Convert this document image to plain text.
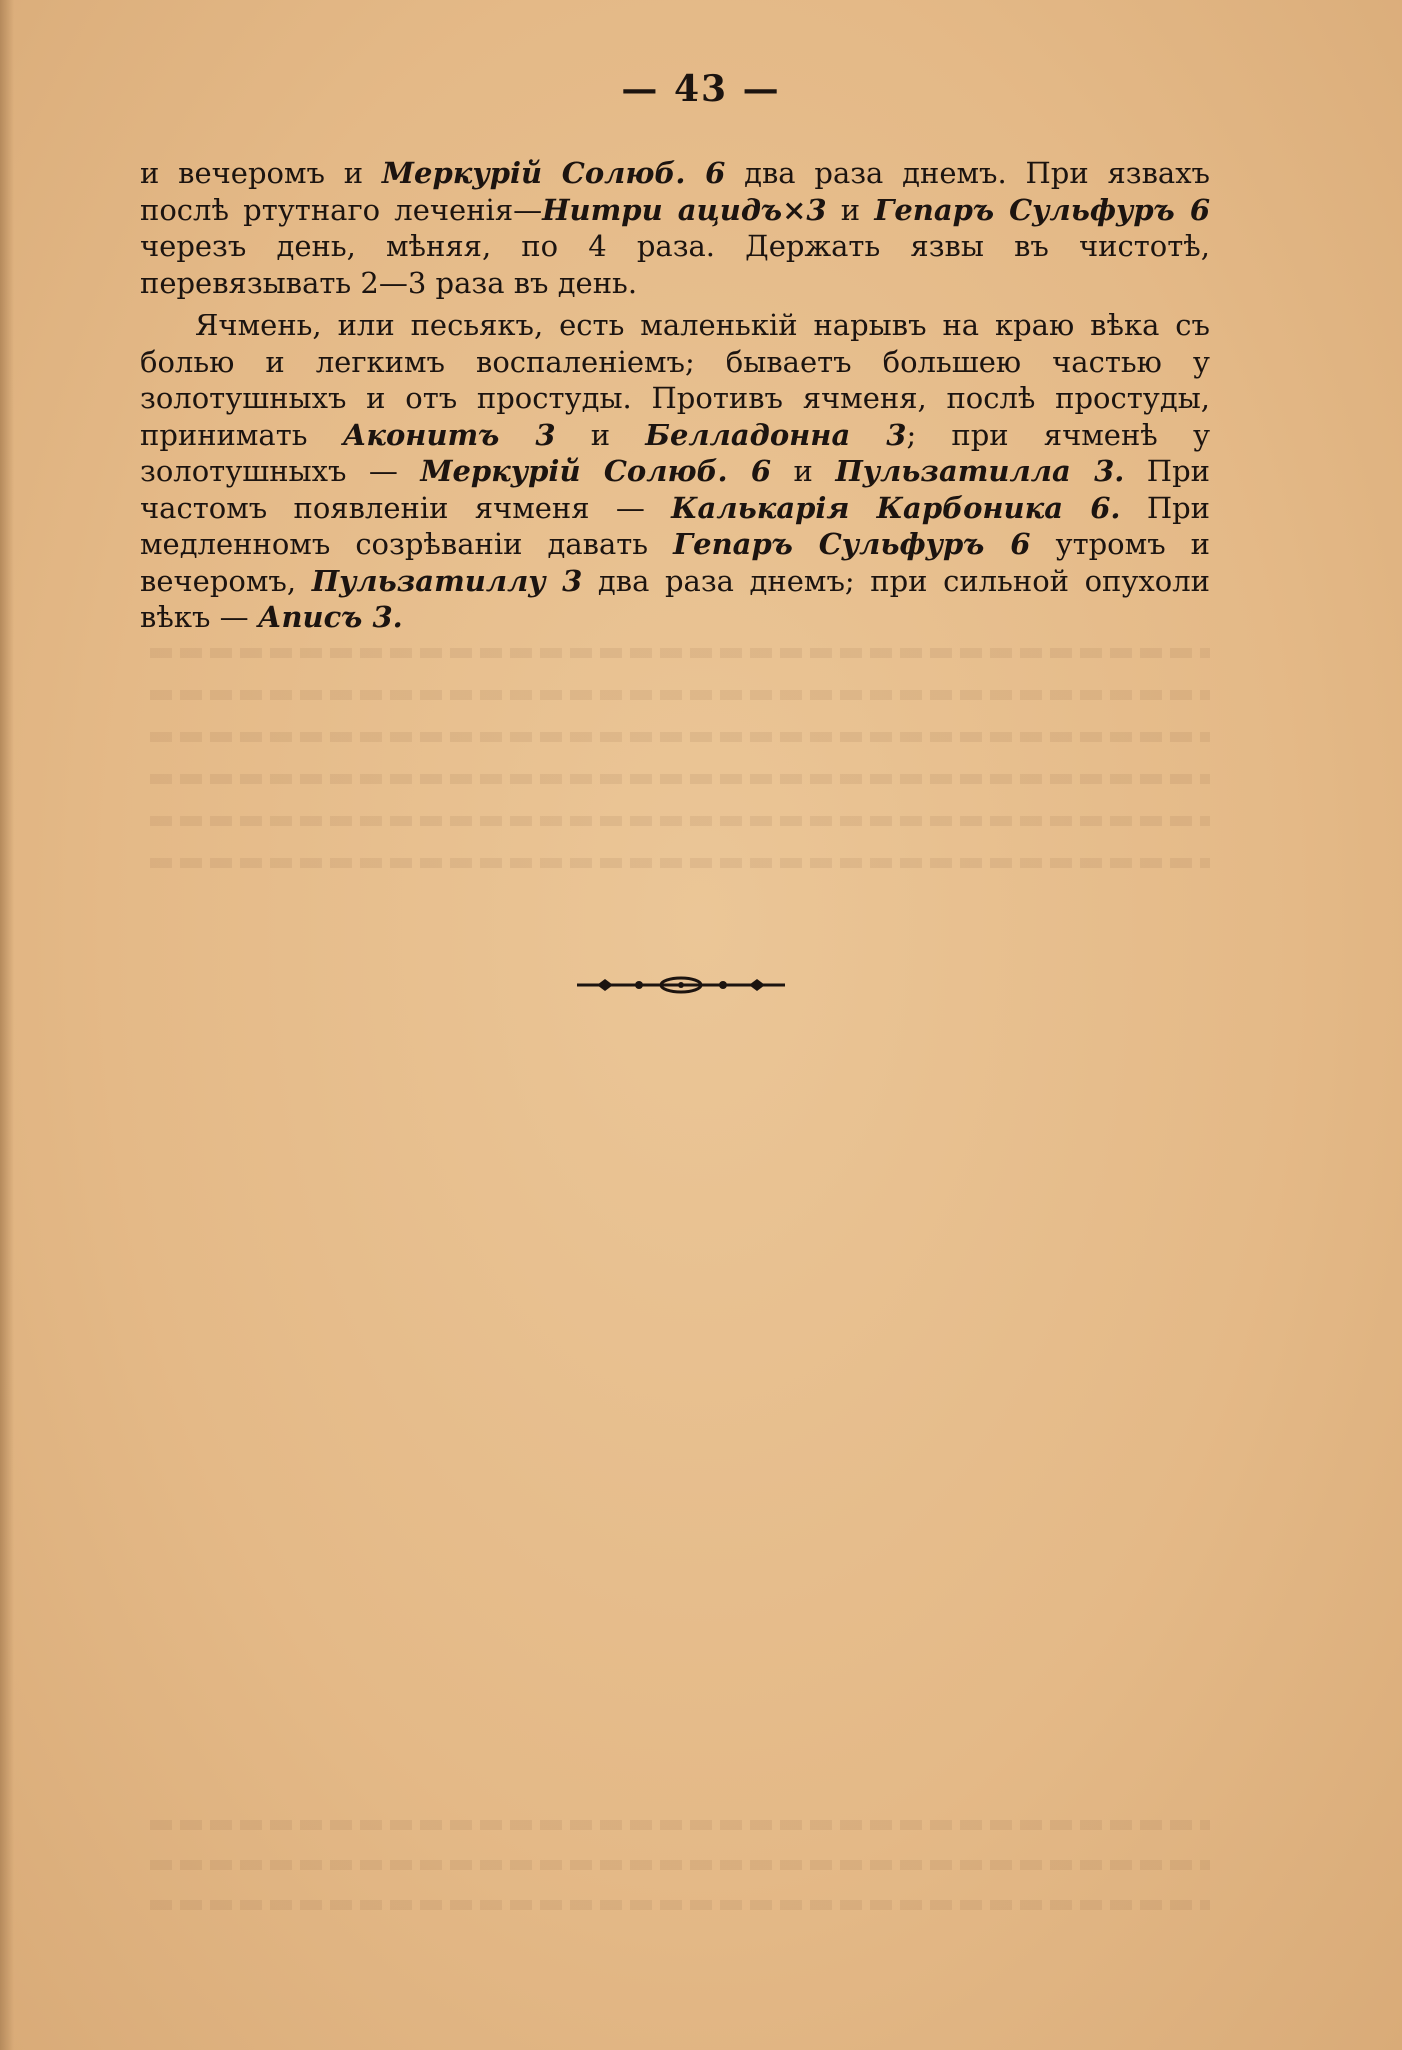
— 43 —

и вечеромъ и Меркурій Солюб. 6 два раза днемъ. При язвахъ послѣ ртутнаго леченія—Нитри ацидъ×3 и Гепаръ Сульфуръ 6 черезъ день, мѣняя, по 4 раза. Держать язвы въ чистотѣ, перевязывать 2—3 раза въ день.

Ячмень, или песьякъ, есть маленькій нарывъ на краю вѣка съ болью и легкимъ воспаленіемъ; бываетъ большею частью у золотушныхъ и отъ простуды. Противъ ячменя, послѣ простуды, принимать Аконитъ 3 и Белладонна 3; при ячменѣ у золотушныхъ — Меркурій Солюб. 6 и Пульзатилла 3. При частомъ появленіи ячменя — Калькарія Карбоника 6. При медленномъ созрѣваніи давать Гепаръ Сульфуръ 6 утромъ и вечеромъ, Пульзатиллу 3 два раза днемъ; при сильной опухоли вѣкъ — Аписъ 3.
